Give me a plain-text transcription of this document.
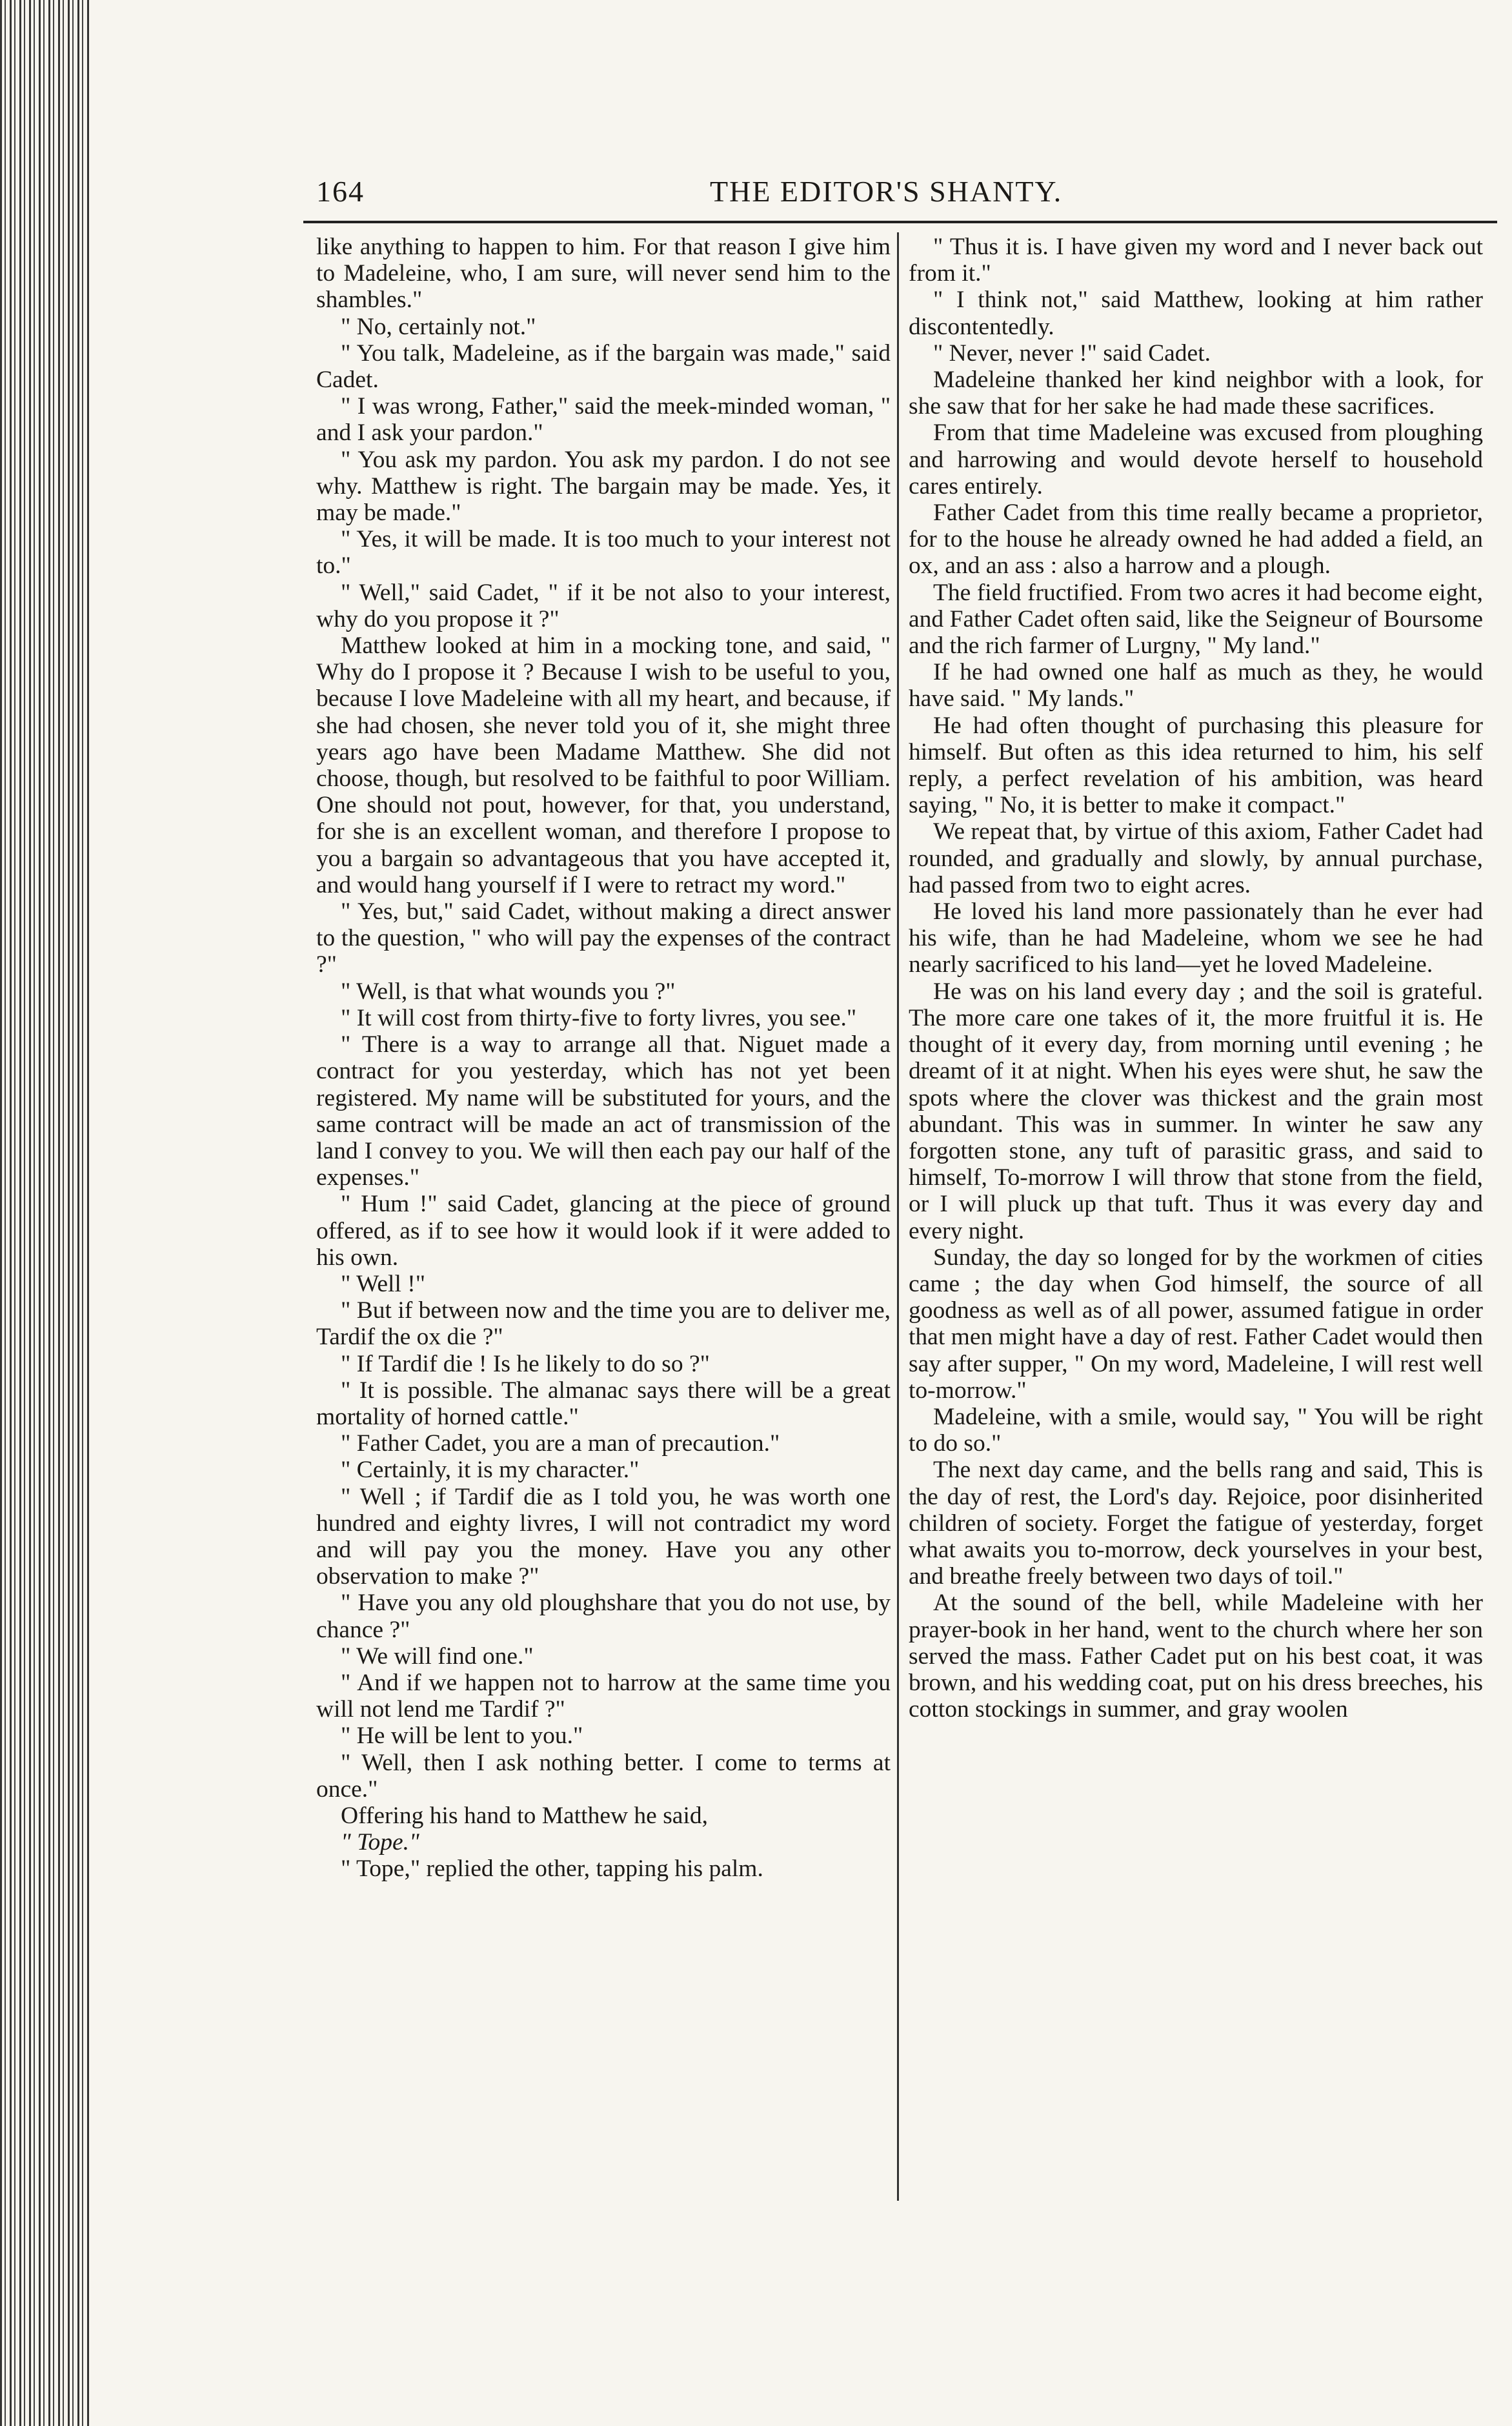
164	THE EDITOR'S SHANTY.

like anything to happen to him. For that reason I give him to Madeleine, who, I am sure, will never send him to the shambles."

" No, certainly not."

" You talk, Madeleine, as if the bargain was made," said Cadet.

" I was wrong, Father," said the meek-minded woman, " and I ask your pardon."

" You ask my pardon. You ask my pardon. I do not see why. Matthew is right. The bargain may be made. Yes, it may be made."

" Yes, it will be made. It is too much to your interest not to."

" Well," said Cadet, " if it be not also to your interest, why do you propose it ?"

Matthew looked at him in a mocking tone, and said, " Why do I propose it ? Because I wish to be useful to you, because I love Madeleine with all my heart, and because, if she had chosen, she never told you of it, she might three years ago have been Madame Matthew. She did not choose, though, but resolved to be faithful to poor William. One should not pout, however, for that, you understand, for she is an excellent woman, and therefore I propose to you a bargain so advantageous that you have accepted it, and would hang yourself if I were to retract my word."

" Yes, but," said Cadet, without making a direct answer to the question, " who will pay the expenses of the contract ?"

" Well, is that what wounds you ?"

" It will cost from thirty-five to forty livres, you see."

" There is a way to arrange all that. Niguet made a contract for you yesterday, which has not yet been registered. My name will be substituted for yours, and the same contract will be made an act of transmission of the land I convey to you. We will then each pay our half of the expenses."

" Hum !" said Cadet, glancing at the piece of ground offered, as if to see how it would look if it were added to his own.

" Well !"

" But if between now and the time you are to deliver me, Tardif the ox die ?"

" If Tardif die ! Is he likely to do so ?"

" It is possible. The almanac says there will be a great mortality of horned cattle."

" Father Cadet, you are a man of precaution."

" Certainly, it is my character."

" Well ; if Tardif die as I told you, he was worth one hundred and eighty livres, I will not contradict my word and will pay you the money. Have you any other observation to make ?"

" Have you any old ploughshare that you do not use, by chance ?"

" We will find one."

" And if we happen not to harrow at the same time you will not lend me Tardif ?"

" He will be lent to you."

" Well, then I ask nothing better. I come to terms at once."

Offering his hand to Matthew he said,

" Tope."

" Tope," replied the other, tapping his palm.

" Thus it is. I have given my word and I never back out from it."

" I think not," said Matthew, looking at him rather discontentedly.

" Never, never !" said Cadet.

Madeleine thanked her kind neighbor with a look, for she saw that for her sake he had made these sacrifices.

From that time Madeleine was excused from ploughing and harrowing and would devote herself to household cares entirely.

Father Cadet from this time really became a proprietor, for to the house he already owned he had added a field, an ox, and an ass : also a harrow and a plough.

The field fructified. From two acres it had become eight, and Father Cadet often said, like the Seigneur of Boursome and the rich farmer of Lurgny, " My land."

If he had owned one half as much as they, he would have said. " My lands."

He had often thought of purchasing this pleasure for himself. But often as this idea returned to him, his self reply, a perfect revelation of his ambition, was heard saying, " No, it is better to make it compact."

We repeat that, by virtue of this axiom, Father Cadet had rounded, and gradually and slowly, by annual purchase, had passed from two to eight acres.

He loved his land more passionately than he ever had his wife, than he had Madeleine, whom we see he had nearly sacrificed to his land—yet he loved Madeleine.

He was on his land every day ; and the soil is grateful. The more care one takes of it, the more fruitful it is. He thought of it every day, from morning until evening ; he dreamt of it at night. When his eyes were shut, he saw the spots where the clover was thickest and the grain most abundant. This was in summer. In winter he saw any forgotten stone, any tuft of parasitic grass, and said to himself, To-morrow I will throw that stone from the field, or I will pluck up that tuft. Thus it was every day and every night.

Sunday, the day so longed for by the workmen of cities came ; the day when God himself, the source of all goodness as well as of all power, assumed fatigue in order that men might have a day of rest. Father Cadet would then say after supper, " On my word, Madeleine, I will rest well to-morrow."

Madeleine, with a smile, would say, " You will be right to do so."

The next day came, and the bells rang and said, This is the day of rest, the Lord's day. Rejoice, poor disinherited children of society. Forget the fatigue of yesterday, forget what awaits you to-morrow, deck yourselves in your best, and breathe freely between two days of toil."

At the sound of the bell, while Madeleine with her prayer-book in her hand, went to the church where her son served the mass. Father Cadet put on his best coat, it was brown, and his wedding coat, put on his dress breeches, his cotton stockings in summer, and gray woolen
